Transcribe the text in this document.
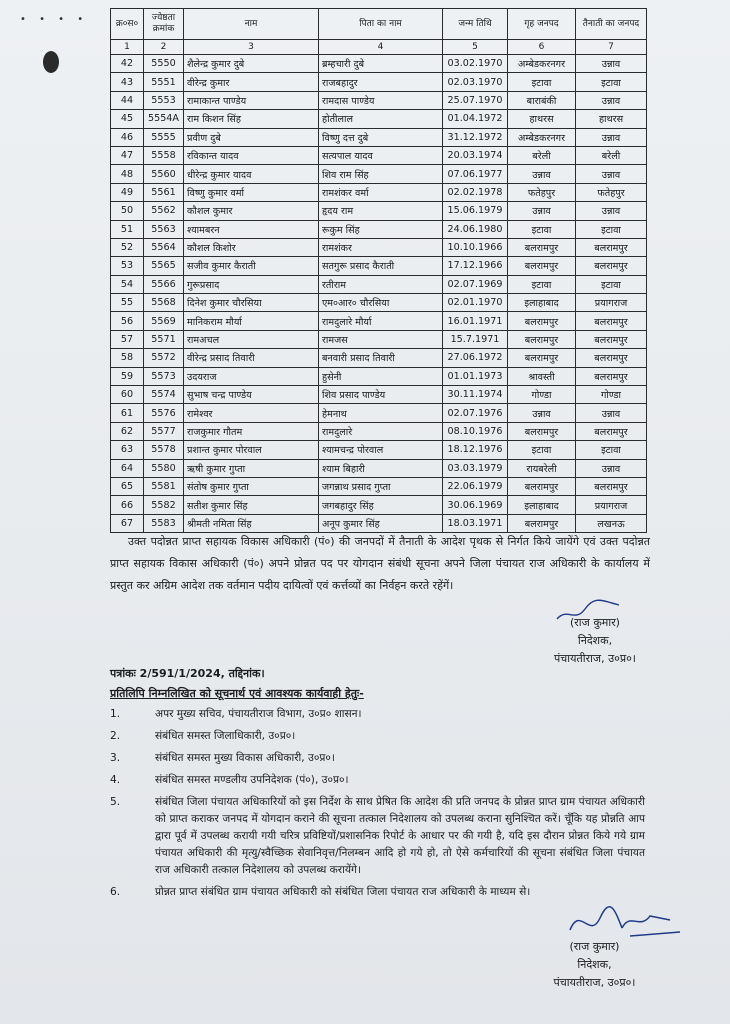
• • • •	क्र०स०	ज्येष्ठता क्रमांक	नाम	पिता का नाम	जन्म तिथि	गृह जनपद	तैनाती का जनपद
1	2	3	4	5	6	7
42	5550	शैलेन्द्र कुमार दुबे	ब्रम्हचारी दुबे	03.02.1970	अम्बेडकरनगर	उन्नाव
43	5551	वीरेन्द्र कुमार	राजबहादुर	02.03.1970	इटावा	इटावा
44	5553	रामाकान्त पाण्डेय	रामदास पाण्डेय	25.07.1970	बाराबंकी	उन्नाव
45	5554A	राम किशन सिंह	होतीलाल	01.04.1972	हाथरस	हाथरस
46	5555	प्रवीण दुबे	विष्णु दत्त दुबे	31.12.1972	अम्बेडकरनगर	उन्नाव
47	5558	रविकान्त यादव	सत्यपाल यादव	20.03.1974	बरेली	बरेली
48	5560	धीरेन्द्र कुमार यादव	शिव राम सिंह	07.06.1977	उन्नाव	उन्नाव
49	5561	विष्णु कुमार वर्मा	रामशंकर वर्मा	02.02.1978	फतेहपुर	फतेहपुर
50	5562	कौशल कुमार	हृदय राम	15.06.1979	उन्नाव	उन्नाव
51	5563	श्यामबरन	रूकुम सिंह	24.06.1980	इटावा	इटावा
52	5564	कौशल किशोर	रामशंकर	10.10.1966	बलरामपुर	बलरामपुर
53	5565	सजीव कुमार कैराती	सतगुरू प्रसाद कैराती	17.12.1966	बलरामपुर	बलरामपुर
54	5566	गुरूप्रसाद	रतीराम	02.07.1969	इटावा	इटावा
55	5568	दिनेश कुमार चौरसिया	एम०आर० चौरसिया	02.01.1970	इलाहाबाद	प्रयागराज
56	5569	मानिकराम मौर्या	रामदुलारे मौर्या	16.01.1971	बलरामपुर	बलरामपुर
57	5571	रामअचल	रामजस	15.7.1971	बलरामपुर	बलरामपुर
58	5572	वीरेन्द्र प्रसाद तिवारी	बनवारी प्रसाद तिवारी	27.06.1972	बलरामपुर	बलरामपुर
59	5573	उदयराज	हुसेनी	01.01.1973	श्रावस्ती	बलरामपुर
60	5574	सुभाष चन्द्र पाण्डेय	शिव प्रसाद पाण्डेय	30.11.1974	गोण्डा	गोण्डा
61	5576	रामेश्वर	हेमनाथ	02.07.1976	उन्नाव	उन्नाव
62	5577	राजकुमार गौतम	रामदुलारे	08.10.1976	बलरामपुर	बलरामपुर
63	5578	प्रशान्त कुमार पोरवाल	श्यामचन्द्र पोरवाल	18.12.1976	इटावा	इटावा
64	5580	ऋषी कुमार गुप्ता	श्याम बिहारी	03.03.1979	रायबरेली	उन्नाव
65	5581	संतोष कुमार गुप्ता	जगन्नाथ प्रसाद गुप्ता	22.06.1979	बलरामपुर	बलरामपुर
66	5582	सतीश कुमार सिंह	जगबहादुर सिंह	30.06.1969	इलाहाबाद	प्रयागराज
67	5583	श्रीमती नमिता सिंह	अनूप कुमार सिंह	18.03.1971	बलरामपुर	लखनऊ
उक्त पदोन्नत प्राप्त सहायक विकास अधिकारी (पं०) की जनपदों में तैनाती के आदेश पृथक से निर्गत किये जायेंगे एवं उक्त पदोन्नत प्राप्त सहायक विकास अधिकारी (पं०) अपने प्रोन्नत पद पर योगदान संबंधी सूचना अपने जिला पंचायत राज अधिकारी के कार्यालय में प्रस्तुत कर अग्रिम आदेश तक वर्तमान पदीय दायित्वों एवं कर्त्तव्यों का निर्वहन करते रहेंगें।
(राज कुमार)
निदेशक,
पंचायतीराज, उ०प्र०।
पत्रांकः 2/591/1/2024, तद्दिनांक।
प्रतिलिपि निम्नलिखित को सूचनार्थ एवं आवश्यक कार्यवाही हेतुः-
1.	अपर मुख्य सचिव, पंचायतीराज विभाग, उ०प्र० शासन।
2.	संबंधित समस्त जिलाधिकारी, उ०प्र०।
3.	संबंधित समस्त मुख्य विकास अधिकारी, उ०प्र०।
4.	संबंधित समस्त मण्डलीय उपनिदेशक (पं०), उ०प्र०।
5.	संबंधित जिला पंचायत अधिकारियों को इस निर्देश के साथ प्रेषित कि आदेश की प्रति जनपद के प्रोन्नत प्राप्त ग्राम पंचायत अधिकारी को प्राप्त कराकर जनपद में योगदान कराने की सूचना तत्काल निदेशालय को उपलब्ध कराना सुनिश्चित करें। चूँकि यह प्रोन्नति आप द्वारा पूर्व में उपलब्ध करायी गयी चरित्र प्रविष्टियों/प्रशासनिक रिपोर्ट के आधार पर की गयी है, यदि इस दौरान प्रोन्नत किये गये ग्राम पंचायत अधिकारी की मृत्यु/स्वैच्छिक सेवानिवृत्त/निलम्बन आदि हो गये हो, तो ऐसे कर्मचारियों की सूचना संबंधित जिला पंचायत राज अधिकारी तत्काल निदेशालय को उपलब्ध करायेंगे।
6.	प्रोन्नत प्राप्त संबंधित ग्राम पंचायत अधिकारी को संबंधित जिला पंचायत राज अधिकारी के माध्यम से।
(राज कुमार)
निदेशक,
पंचायतीराज, उ०प्र०।
